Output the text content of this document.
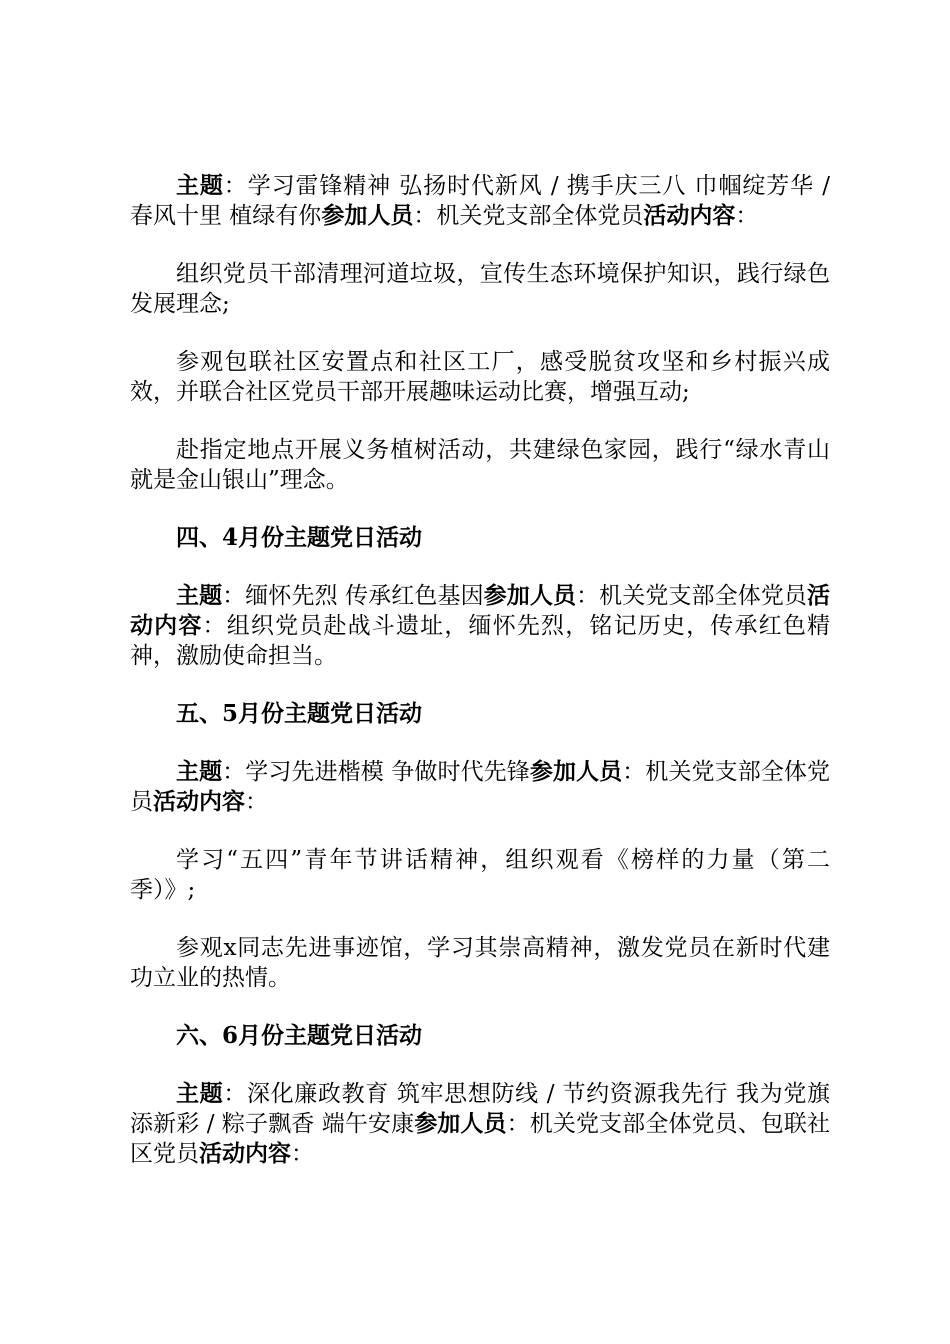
主题：学习雷锋精神 弘扬时代新风 / 携手庆三八 巾帼绽芳华 / 春风十里 植绿有你参加人员：机关党支部全体党员活动内容：

组织党员干部清理河道垃圾，宣传生态环境保护知识，践行绿色发展理念;

参观包联社区安置点和社区工厂，感受脱贫攻坚和乡村振兴成效，并联合社区党员干部开展趣味运动比赛，增强互动;

赴指定地点开展义务植树活动，共建绿色家园，践行“绿水青山就是金山银山”理念。

四、4月份主题党日活动

主题：缅怀先烈 传承红色基因参加人员：机关党支部全体党员活动内容：组织党员赴战斗遗址，缅怀先烈，铭记历史，传承红色精神，激励使命担当。

五、5月份主题党日活动

主题：学习先进楷模 争做时代先锋参加人员：机关党支部全体党员活动内容：

学习“五四”青年节讲话精神，组织观看《榜样的力量（第二季）》;

参观x同志先进事迹馆，学习其崇高精神，激发党员在新时代建功立业的热情。

六、6月份主题党日活动

主题：深化廉政教育 筑牢思想防线 / 节约资源我先行 我为党旗添新彩 / 粽子飘香 端午安康参加人员：机关党支部全体党员、包联社区党员活动内容：
